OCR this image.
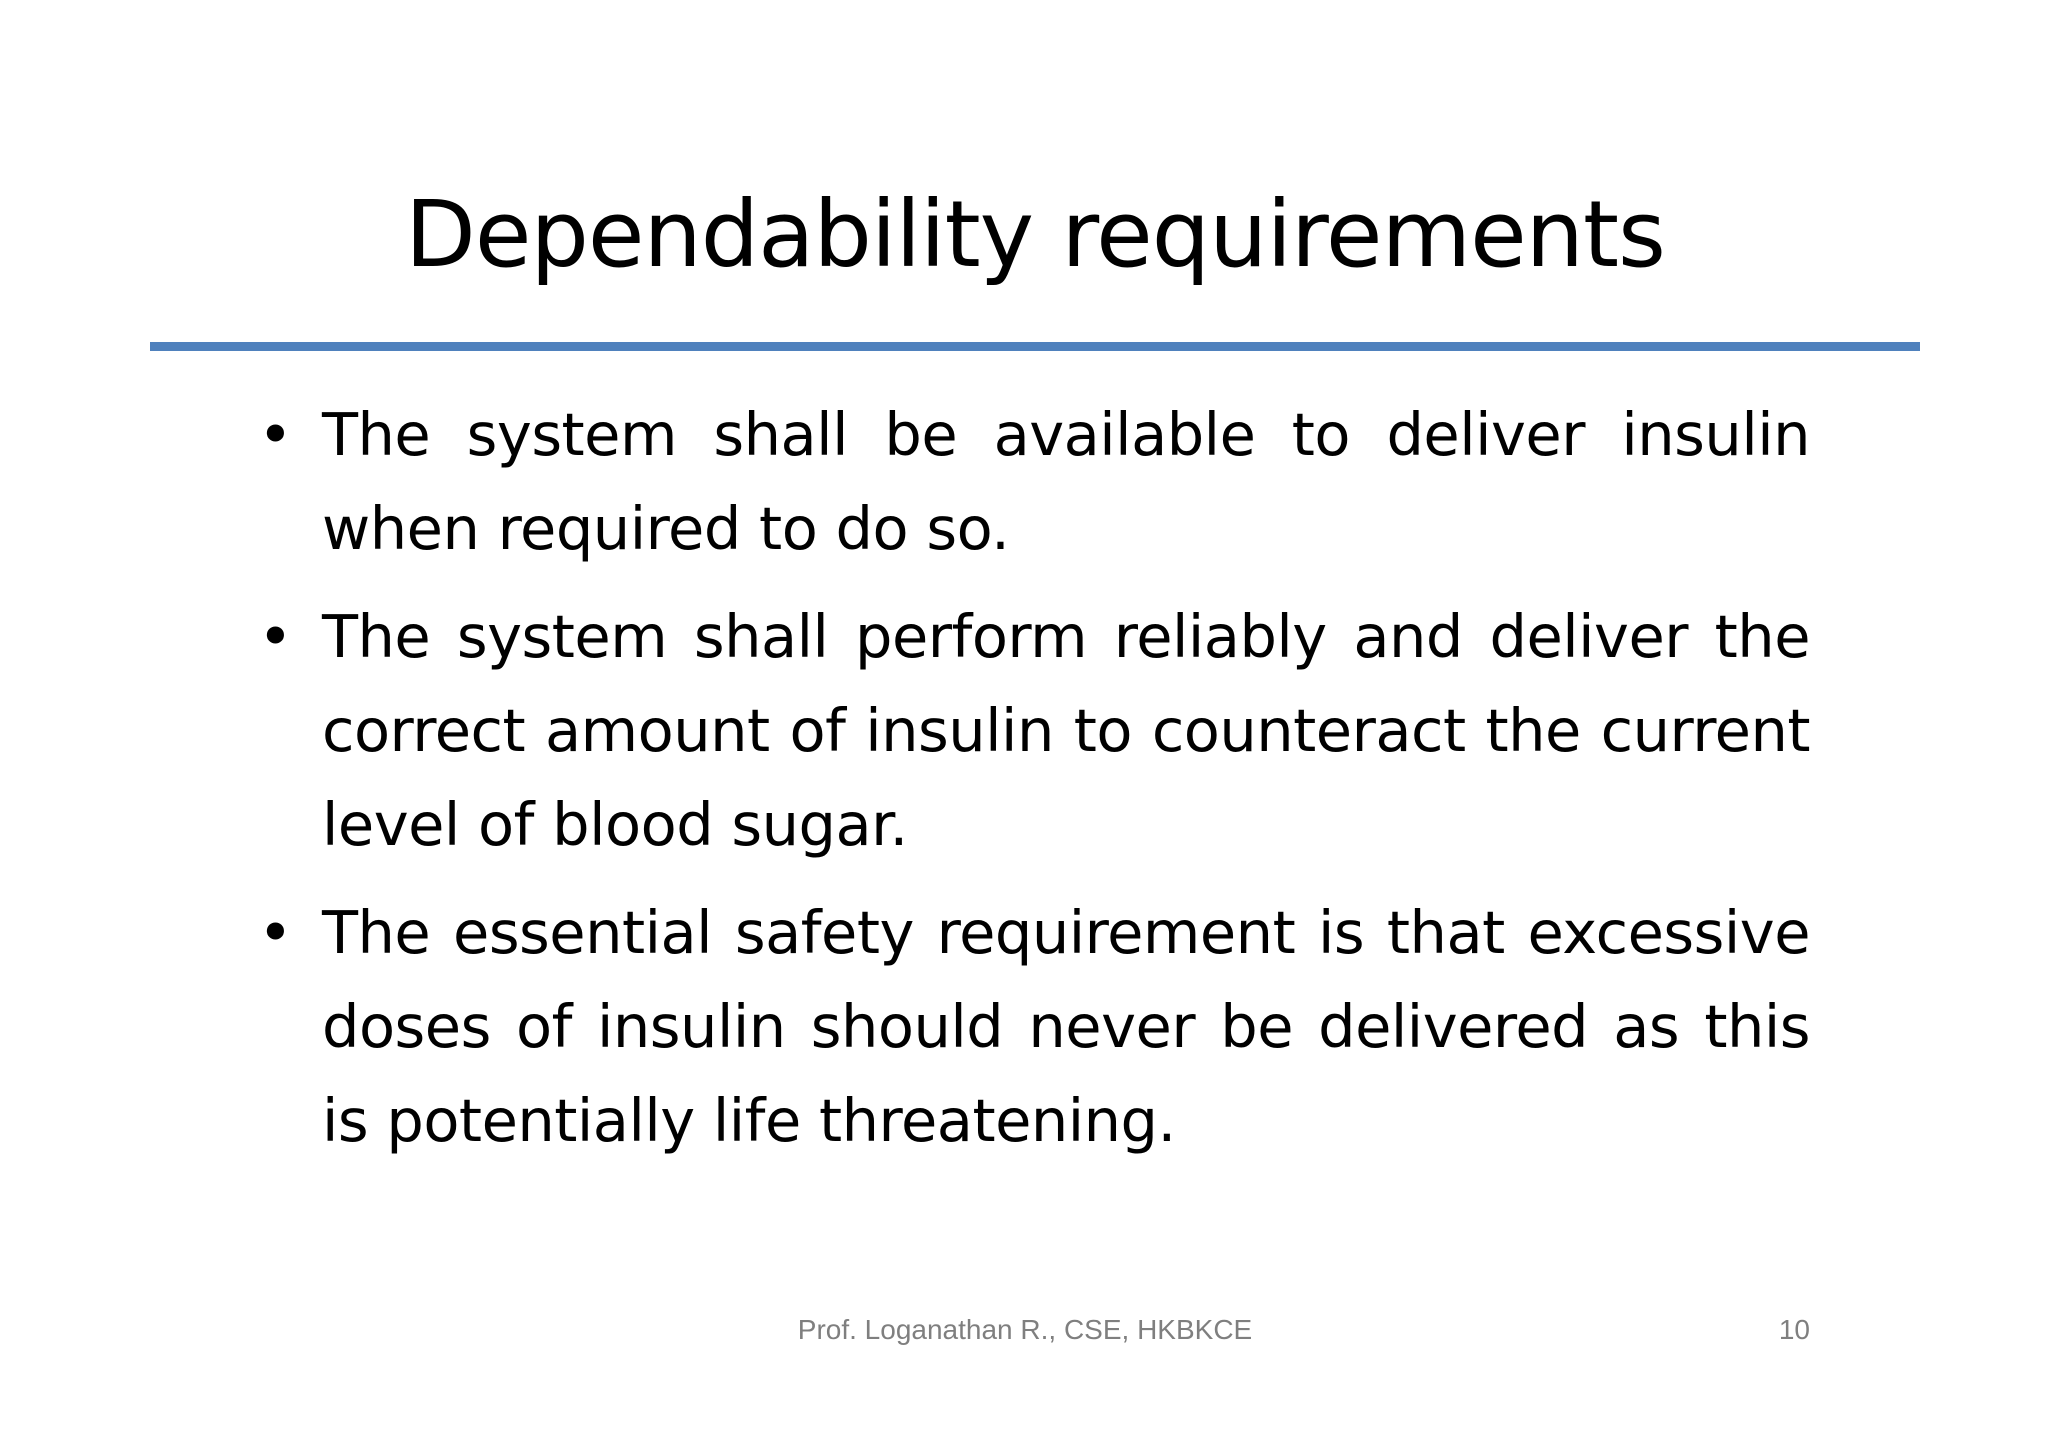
Dependability requirements
• The system shall be available to deliver insulin when required to do so.
• The system shall perform reliably and deliver the correct amount of insulin to counteract the current level of blood sugar.
• The essential safety requirement is that excessive doses of insulin should never be delivered as this is potentially life threatening.
Prof. Loganathan R., CSE, HKBKCE	10
